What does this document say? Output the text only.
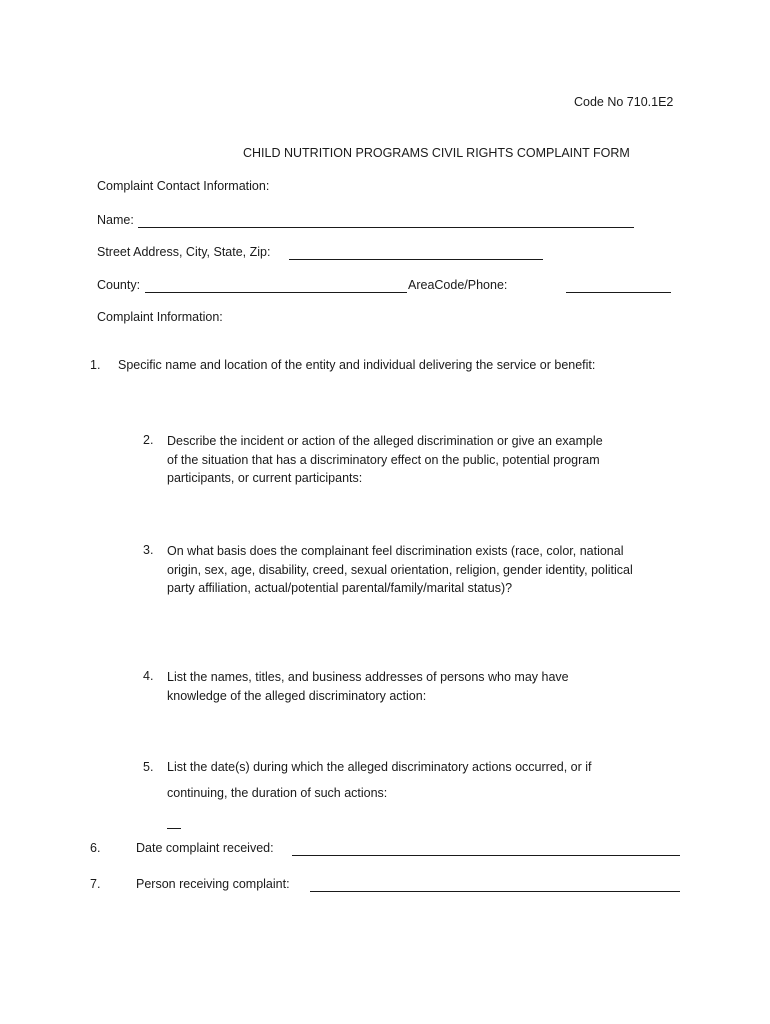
Code No 710.1E2
CHILD NUTRITION PROGRAMS CIVIL RIGHTS COMPLAINT FORM
Complaint Contact Information:
Name:
Street Address, City, State, Zip:
County:	AreaCode/Phone:
Complaint Information:
1. Specific name and location of the entity and individual delivering the service or benefit:
2. Describe the incident or action of the alleged discrimination or give an example of the situation that has a discriminatory effect on the public, potential program participants, or current participants:
3. On what basis does the complainant feel discrimination exists (race, color, national origin, sex, age, disability, creed, sexual orientation, religion, gender identity, political party affiliation, actual/potential parental/family/marital status)?
4. List the names, titles, and business addresses of persons who may have knowledge of the alleged discriminatory action:
5. List the date(s) during which the alleged discriminatory actions occurred, or if
continuing, the duration of such actions:
6.	Date complaint received:
7.	Person receiving complaint:
